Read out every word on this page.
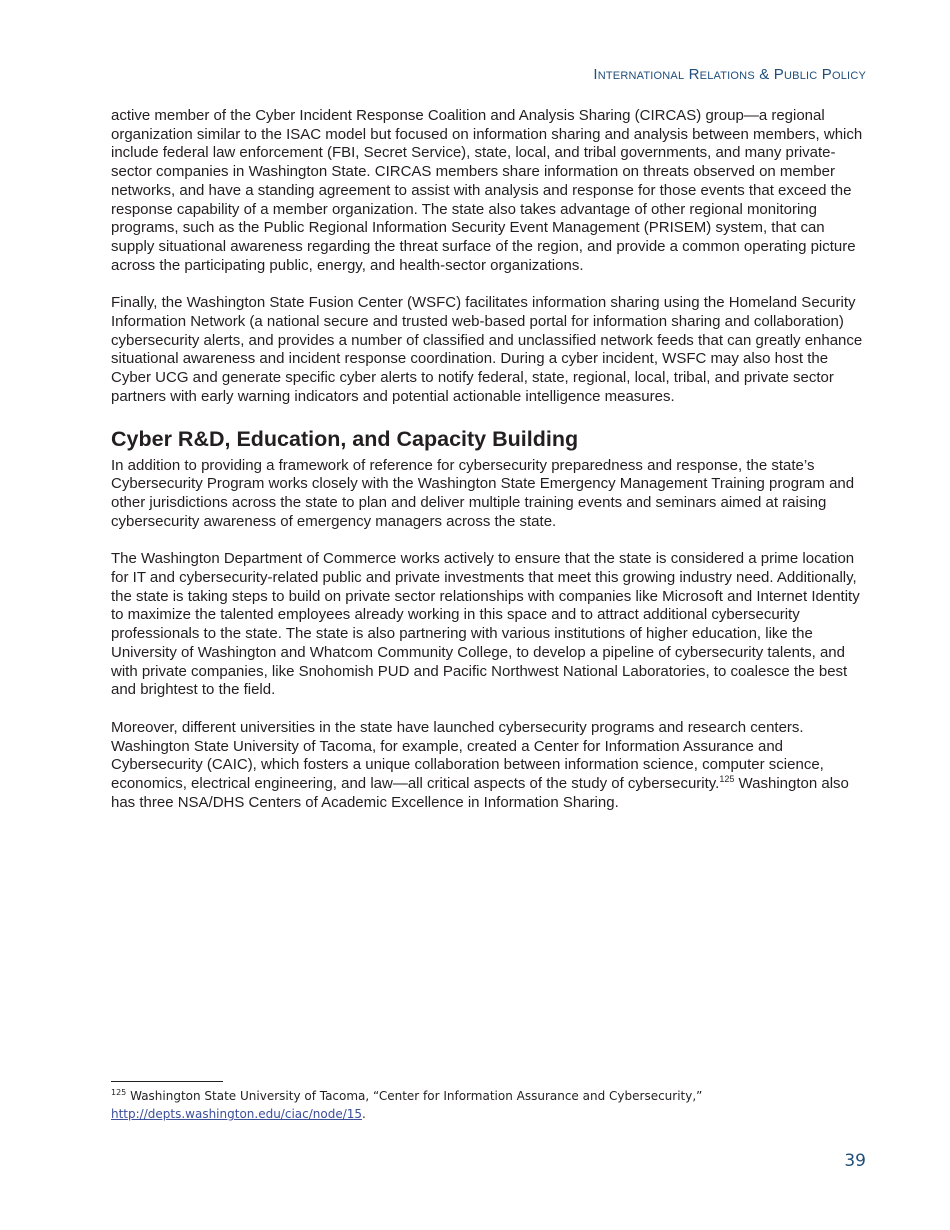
International Relations & Public Policy

active member of the Cyber Incident Response Coalition and Analysis Sharing (CIRCAS) group—a regional organization similar to the ISAC model but focused on information sharing and analysis between members, which include federal law enforcement (FBI, Secret Service), state, local, and tribal governments, and many private-sector companies in Washington State. CIRCAS members share information on threats observed on member networks, and have a standing agreement to assist with analysis and response for those events that exceed the response capability of a member organization. The state also takes advantage of other regional monitoring programs, such as the Public Regional Information Security Event Management (PRISEM) system, that can supply situational awareness regarding the threat surface of the region, and provide a common operating picture across the participating public, energy, and health-sector organizations.

Finally, the Washington State Fusion Center (WSFC) facilitates information sharing using the Homeland Security Information Network (a national secure and trusted web-based portal for information sharing and collaboration) cybersecurity alerts, and provides a number of classified and unclassified network feeds that can greatly enhance situational awareness and incident response coordination. During a cyber incident, WSFC may also host the Cyber UCG and generate specific cyber alerts to notify federal, state, regional, local, tribal, and private sector partners with early warning indicators and potential actionable intelligence measures.

Cyber R&D, Education, and Capacity Building

In addition to providing a framework of reference for cybersecurity preparedness and response, the state’s Cybersecurity Program works closely with the Washington State Emergency Management Training program and other jurisdictions across the state to plan and deliver multiple training events and seminars aimed at raising cybersecurity awareness of emergency managers across the state.

The Washington Department of Commerce works actively to ensure that the state is considered a prime location for IT and cybersecurity-related public and private investments that meet this growing industry need. Additionally, the state is taking steps to build on private sector relationships with companies like Microsoft and Internet Identity to maximize the talented employees already working in this space and to attract additional cybersecurity professionals to the state. The state is also partnering with various institutions of higher education, like the University of Washington and Whatcom Community College, to develop a pipeline of cybersecurity talents, and with private companies, like Snohomish PUD and Pacific Northwest National Laboratories, to coalesce the best and brightest to the field.

Moreover, different universities in the state have launched cybersecurity programs and research centers. Washington State University of Tacoma, for example, created a Center for Information Assurance and Cybersecurity (CAIC), which fosters a unique collaboration between information science, computer science, economics, electrical engineering, and law—all critical aspects of the study of cybersecurity.$^{125}$ Washington also has three NSA/DHS Centers of Academic Excellence in Information Sharing.

$^{125}$ Washington State University of Tacoma, “Center for Information Assurance and Cybersecurity,” http://depts.washington.edu/ciac/node/15.
39
